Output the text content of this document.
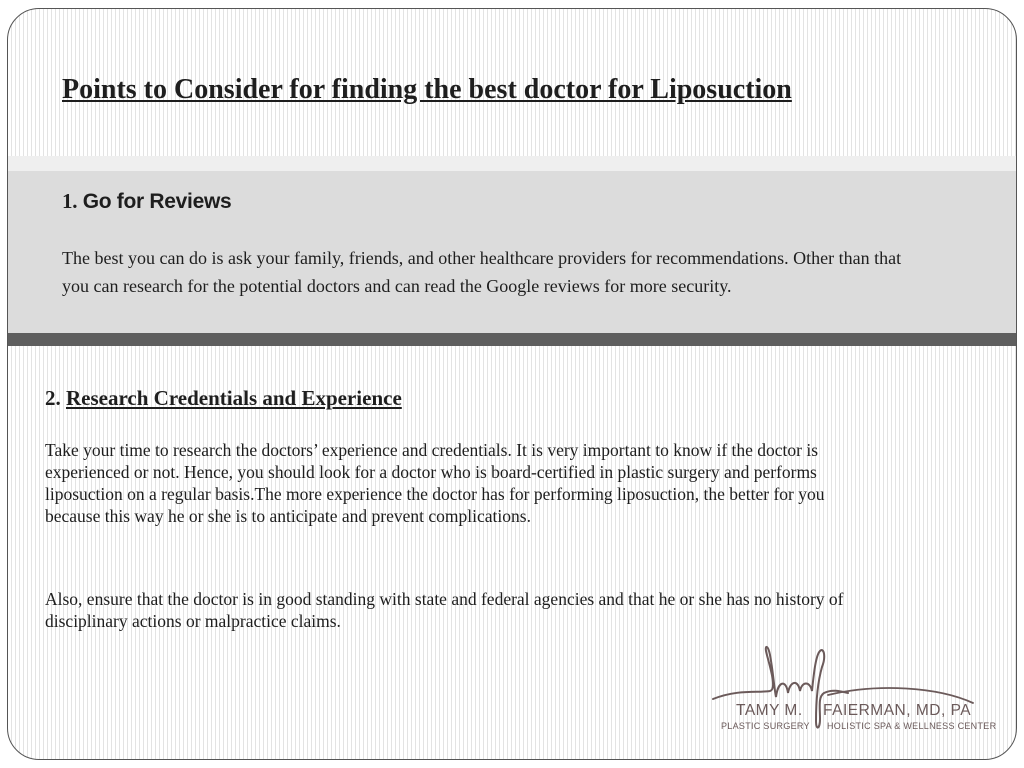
Points to Consider for finding the best doctor for Liposuction
1. Go for Reviews

The best you can do is ask your family, friends, and other healthcare providers for recommendations. Other than that you can research for the potential doctors and can read the Google reviews for more security.

2. Research Credentials and Experience

Take your time to research the doctors’ experience and credentials. It is very important to know if the doctor is experienced or not. Hence, you should look for a doctor who is board-certified in plastic surgery and performs liposuction on a regular basis.The more experience the doctor has for performing liposuction, the better for you because this way he or she is to anticipate and prevent complications.

Also, ensure that the doctor is in good standing with state and federal agencies and that he or she has no history of disciplinary actions or malpractice claims.

TAMY M. FAIERMAN, MD, PA
PLASTIC SURGERY HOLISTIC SPA & WELLNESS CENTER
